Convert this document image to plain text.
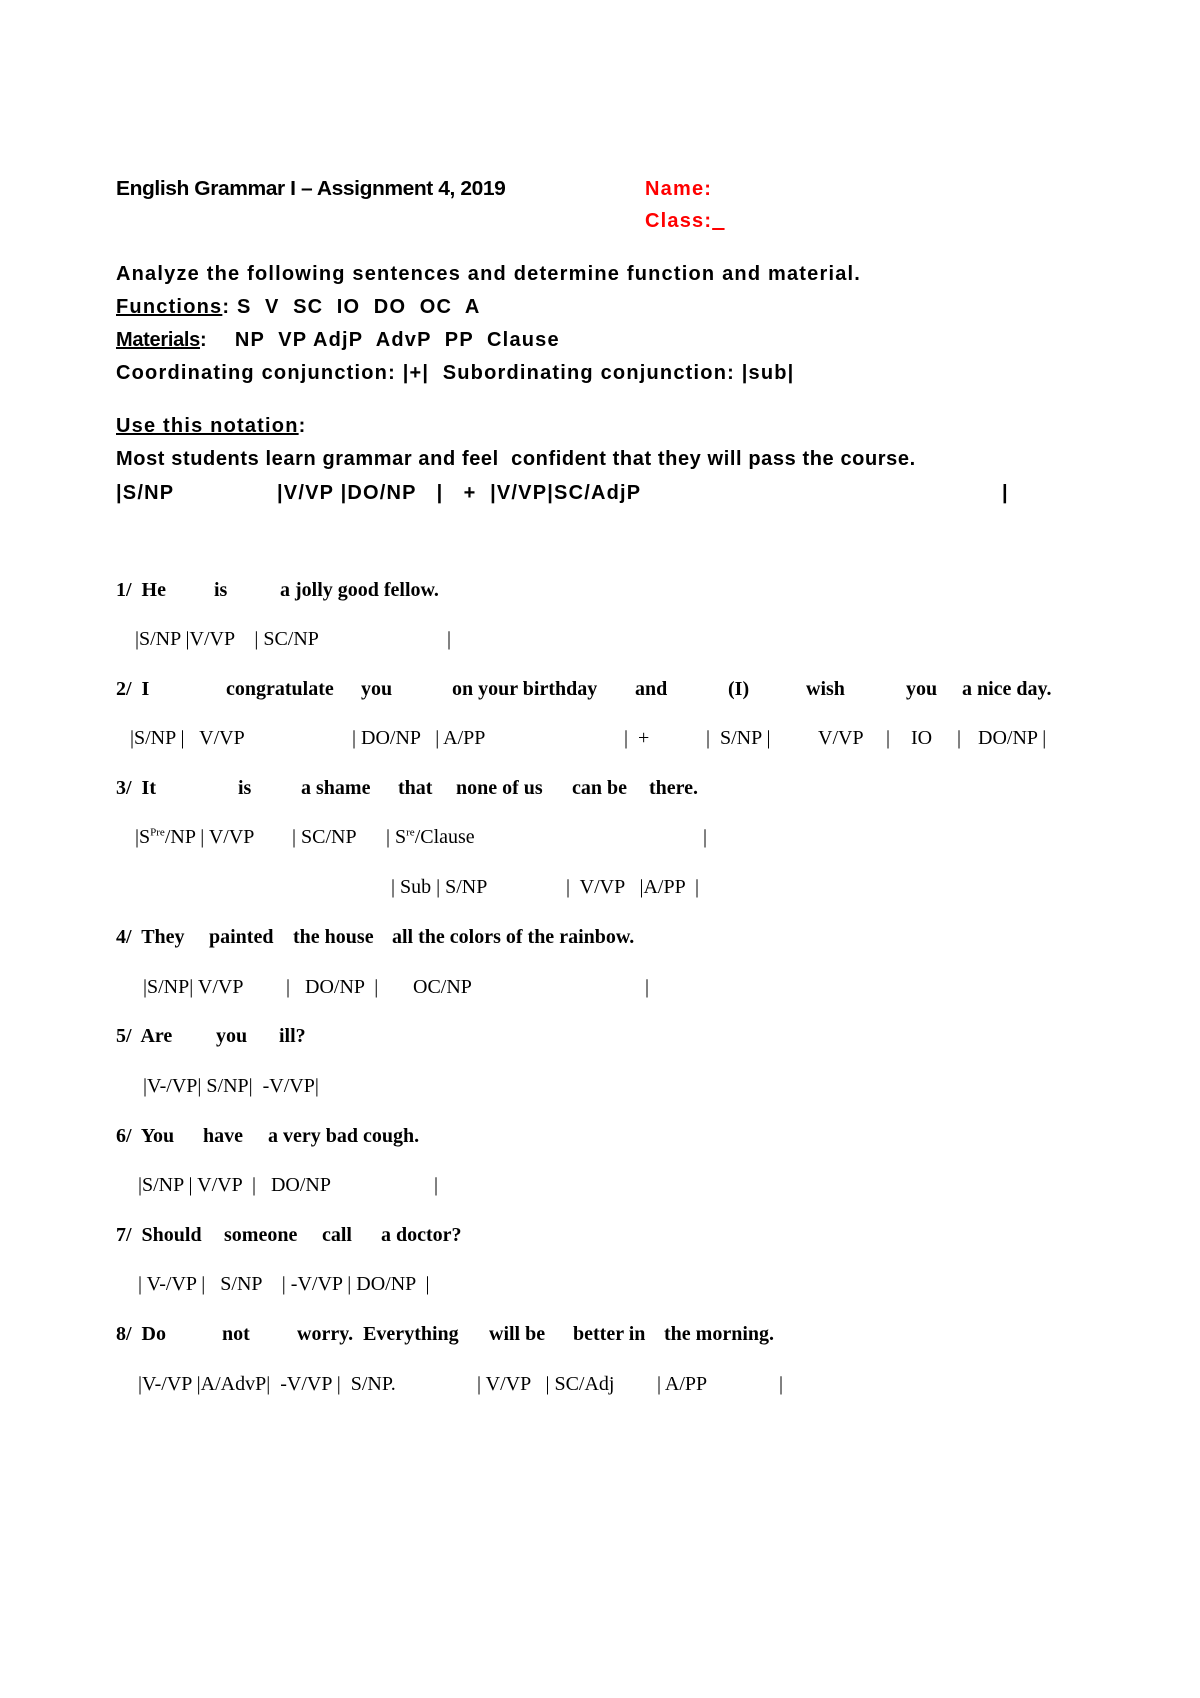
English Grammar I – Assignment 4, 2019	Name:
Class:_
Analyze the following sentences and determine function and material.
Functions: S  V  SC  IO  DO  OC  A
Materials:    NP  VP AdjP  AdvP  PP  Clause
Coordinating conjunction: |+|  Subordinating conjunction: |sub|
Use this notation:
Most students learn grammar and feel  confident that they will pass the course.
|S/NP	|V/VP |DO/NP   |   +  |V/VP|SC/AdjP	|
1/  He is	a jolly good fellow.
|S/NP |V/VP    | SC/NP	|
2/  I	congratulate you	on your birthday and	(I)	wish	you a nice day.
|S/NP |   V/VP	| DO/NP   | A/PP	|  +	|  S/NP | V/VP | IO | DO/NP |
3/  It	is a shame that none of us can be there.
$|S^{Pre}/NP$ | V/VP | SC/NP | $S^{re}$/Clause	|
| Sub | S/NP	|  V/VP   |A/PP  |
4/  They painted the house all the colors of the rainbow.
|S/NP| V/VP |   DO/NP  | OC/NP	|
5/  Are you ill?
|V-/VP| S/NP|  -V/VP|
6/  You have a very bad cough.
|S/NP | V/VP  |   DO/NP	|
7/  Should someone call a doctor?
| V-/VP |   S/NP    | -V/VP | DO/NP  |
8/  Do	not worry.  Everything will be better in the morning.
|V-/VP |A/AdvP|  -V/VP |  S/NP.	| V/VP   | SC/Adj | A/PP	|
